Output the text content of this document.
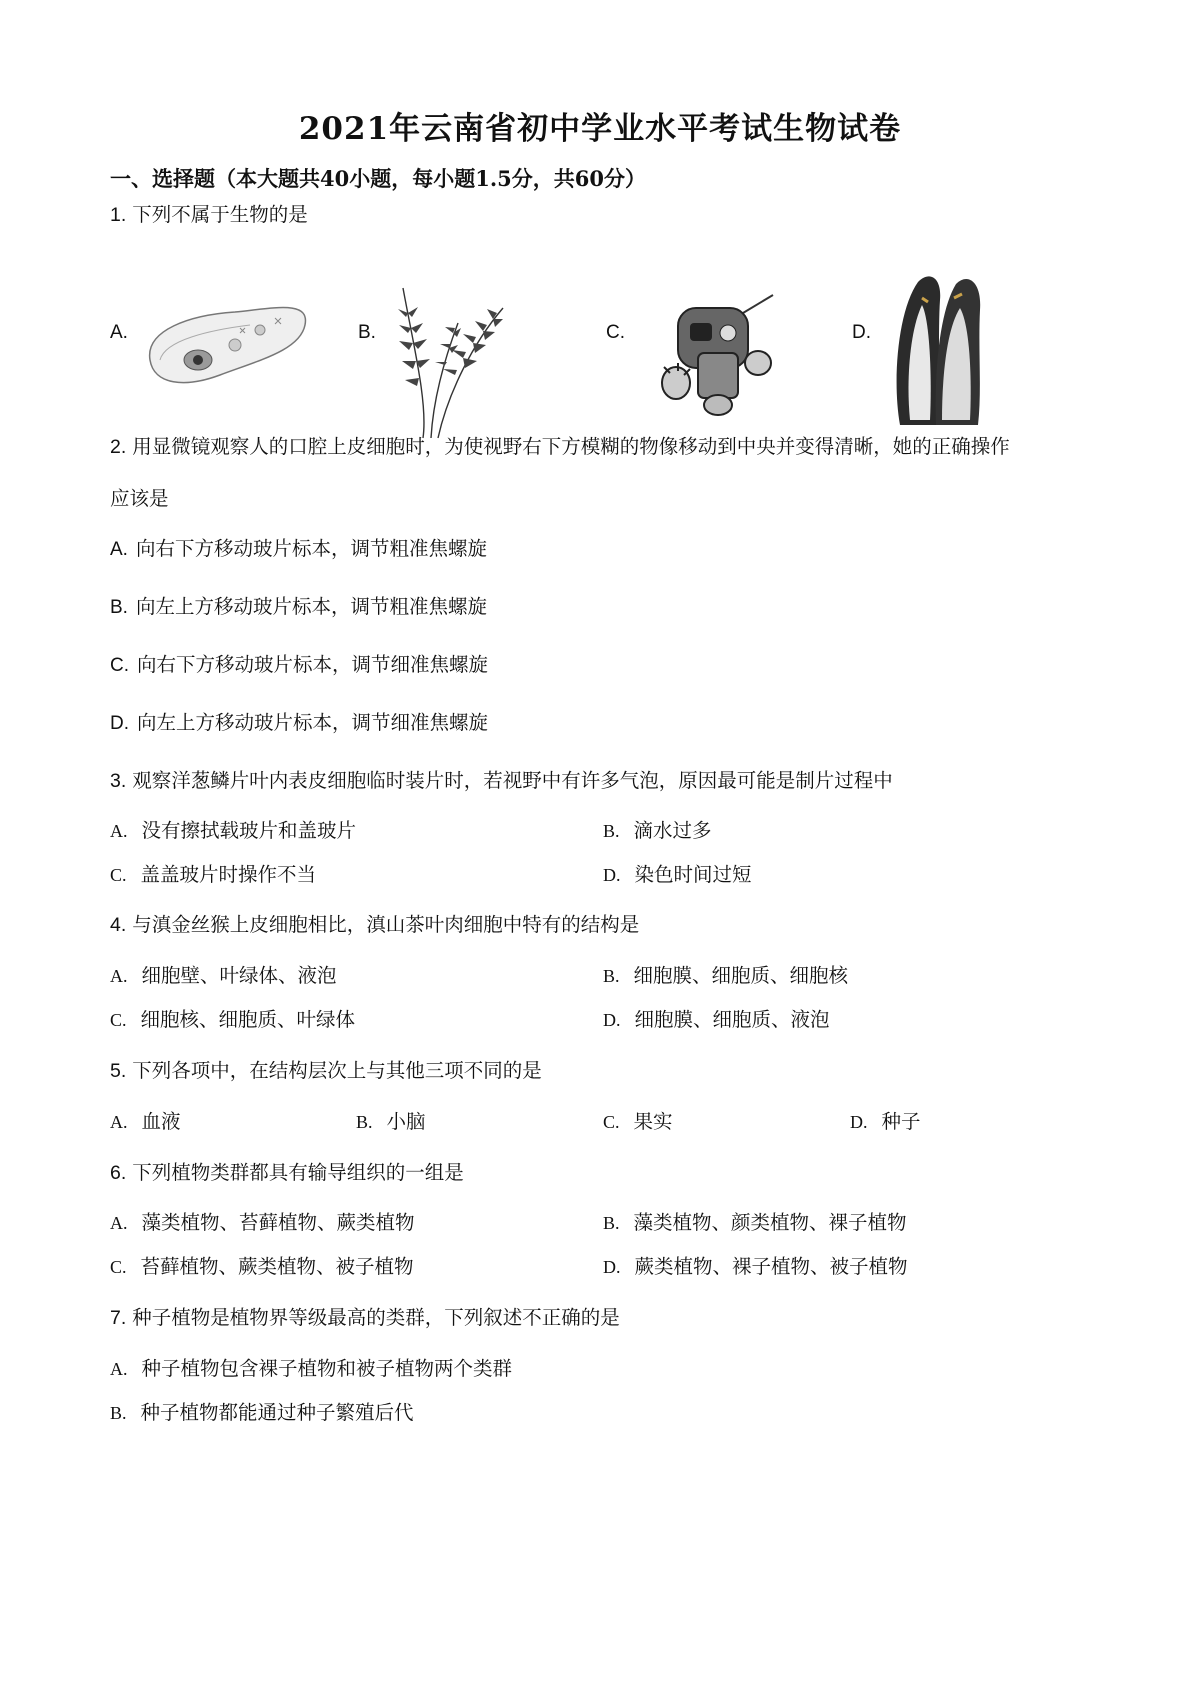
2021年云南省初中学业水平考试生物试卷
一、选择题（本大题共40小题，每小题1.5分，共60分）
1. 下列不属于生物的是
A.	B.	C.	D.
2. 用显微镜观察人的口腔上皮细胞时，为使视野右下方模糊的物像移动到中央并变得清晰，她的正确操作
应该是
A. 向右下方移动玻片标本，调节粗准焦螺旋
B. 向左上方移动玻片标本，调节粗准焦螺旋
C. 向右下方移动玻片标本，调节细准焦螺旋
D. 向左上方移动玻片标本，调节细准焦螺旋
3. 观察洋葱鳞片叶内表皮细胞临时装片时，若视野中有许多气泡，原因最可能是制片过程中
A. 没有擦拭载玻片和盖玻片	B. 滴水过多
C. 盖盖玻片时操作不当	D. 染色时间过短
4. 与滇金丝猴上皮细胞相比，滇山茶叶肉细胞中特有的结构是
A. 细胞壁、叶绿体、液泡	B. 细胞膜、细胞质、细胞核
C. 细胞核、细胞质、叶绿体	D. 细胞膜、细胞质、液泡
5. 下列各项中，在结构层次上与其他三项不同的是
A. 血液	B. 小脑	C. 果实	D. 种子
6. 下列植物类群都具有输导组织的一组是
A. 藻类植物、苔藓植物、蕨类植物	B. 藻类植物、颜类植物、裸子植物
C. 苔藓植物、蕨类植物、被子植物	D. 蕨类植物、裸子植物、被子植物
7. 种子植物是植物界等级最高的类群，下列叙述不正确的是
A. 种子植物包含裸子植物和被子植物两个类群
B. 种子植物都能通过种子繁殖后代
